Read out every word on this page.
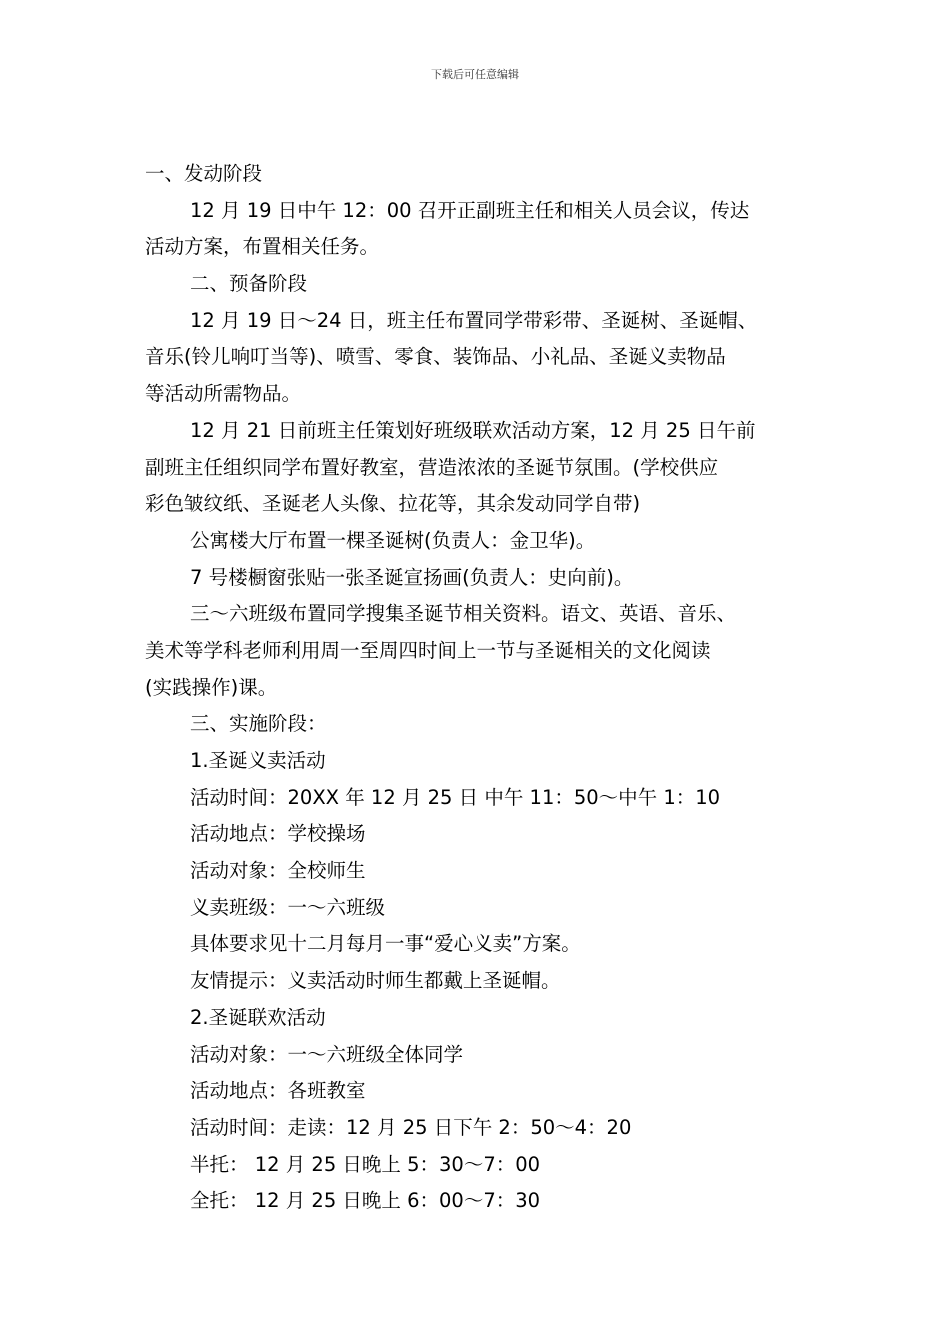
下载后可任意编辑
一、发动阶段
12 月 19 日中午 12：00 召开正副班主任和相关人员会议，传达
活动方案，布置相关任务。
二、预备阶段
12 月 19 日～24 日，班主任布置同学带彩带、圣诞树、圣诞帽、
音乐(铃儿响叮当等)、喷雪、零食、装饰品、小礼品、圣诞义卖物品
等活动所需物品。
12 月 21 日前班主任策划好班级联欢活动方案，12 月 25 日午前
副班主任组织同学布置好教室，营造浓浓的圣诞节氛围。(学校供应
彩色皱纹纸、圣诞老人头像、拉花等，其余发动同学自带)
公寓楼大厅布置一棵圣诞树(负责人：金卫华)。
7 号楼橱窗张贴一张圣诞宣扬画(负责人：史向前)。
三～六班级布置同学搜集圣诞节相关资料。语文、英语、音乐、
美术等学科老师利用周一至周四时间上一节与圣诞相关的文化阅读
(实践操作)课。
三、实施阶段：
1.圣诞义卖活动
活动时间：20XX 年 12 月 25 日 中午 11：50～中午 1：10
活动地点：学校操场
活动对象：全校师生
义卖班级：一～六班级
具体要求见十二月每月一事“爱心义卖”方案。
友情提示：义卖活动时师生都戴上圣诞帽。
2.圣诞联欢活动
活动对象：一～六班级全体同学
活动地点：各班教室
活动时间：走读：12 月 25 日下午 2：50～4：20
半托： 12 月 25 日晚上 5：30～7：00
全托： 12 月 25 日晚上 6：00～7：30
